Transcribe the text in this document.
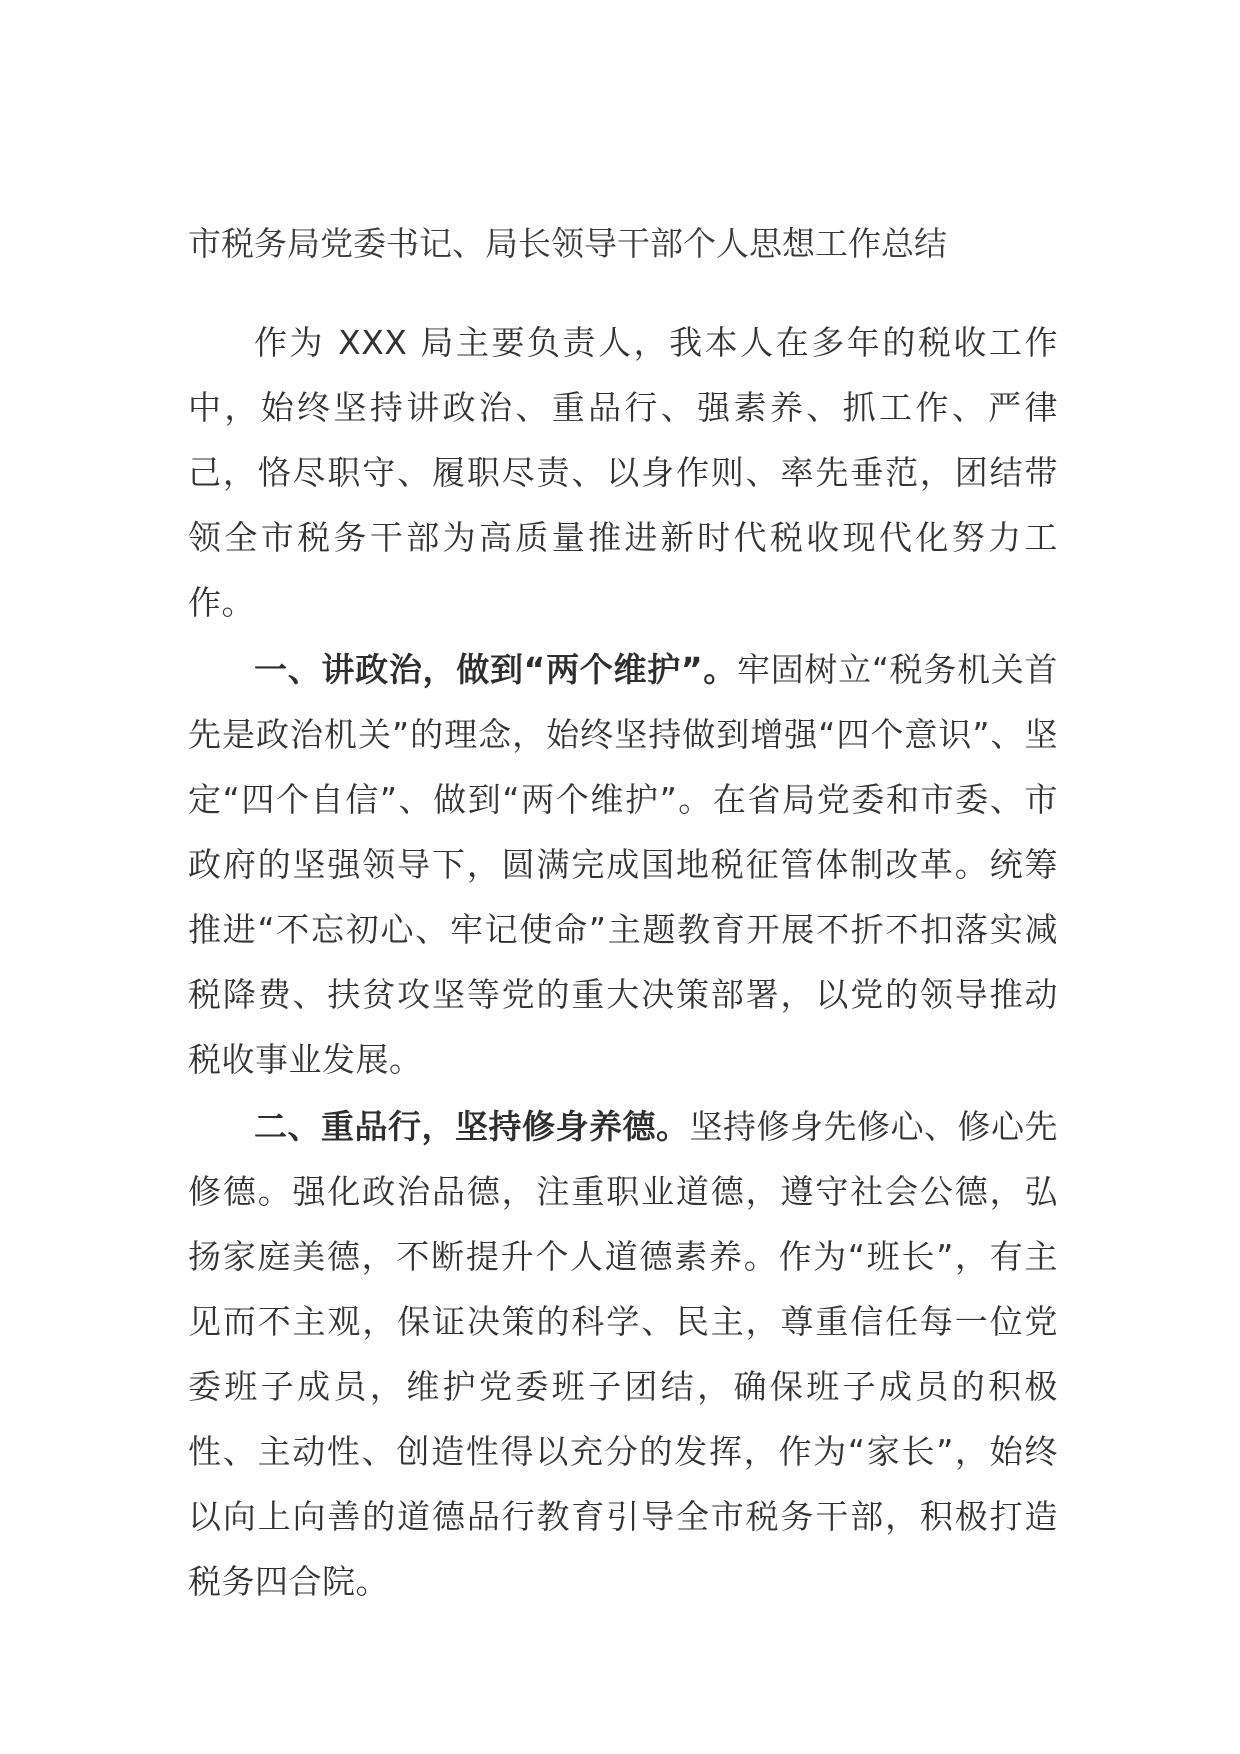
市税务局党委书记、局长领导干部个人思想工作总结

作为 XXX 局主要负责人，我本人在多年的税收工作中，始终坚持讲政治、重品行、强素养、抓工作、严律己，恪尽职守、履职尽责、以身作则、率先垂范，团结带领全市税务干部为高质量推进新时代税收现代化努力工作。

一、讲政治，做到“两个维护”。牢固树立“税务机关首先是政治机关”的理念，始终坚持做到增强“四个意识”、坚定“四个自信”、做到“两个维护”。在省局党委和市委、市政府的坚强领导下，圆满完成国地税征管体制改革。统筹推进“不忘初心、牢记使命”主题教育开展不折不扣落实减税降费、扶贫攻坚等党的重大决策部署，以党的领导推动税收事业发展。

二、重品行，坚持修身养德。坚持修身先修心、修心先修德。强化政治品德，注重职业道德，遵守社会公德，弘扬家庭美德，不断提升个人道德素养。作为“班长”，有主见而不主观，保证决策的科学、民主，尊重信任每一位党委班子成员，维护党委班子团结，确保班子成员的积极性、主动性、创造性得以充分的发挥，作为“家长”，始终以向上向善的道德品行教育引导全市税务干部，积极打造税务四合院。
